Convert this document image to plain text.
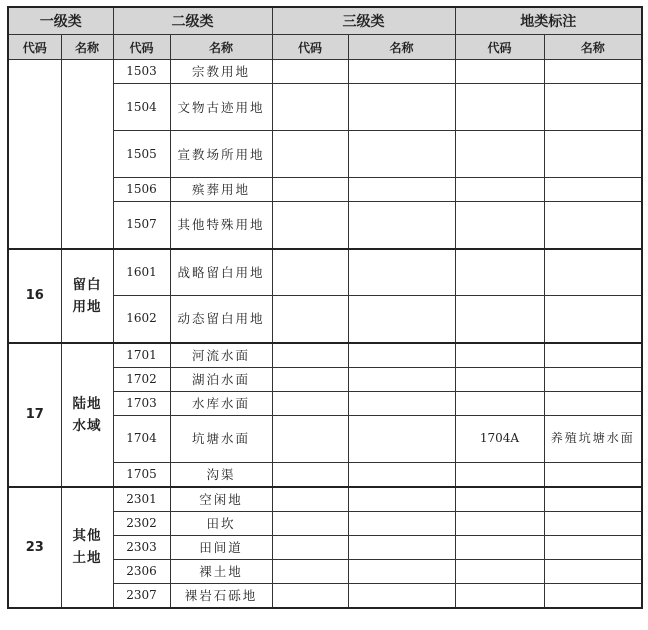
一级类		二级类		三级类		地类标注	
代码	名称	代码	名称	代码	名称	代码	名称
		1503	宗教用地				
		1504	文物古迹用地				
		1505	宣教场所用地				
		1506	殡葬用地				
		1507	其他特殊用地				
16	留白用地	1601	战略留白用地				
		1602	动态留白用地				
17	陆地水域	1701	河流水面				
		1702	湖泊水面				
		1703	水库水面				
		1704	坑塘水面			1704A	养殖坑塘水面
		1705	沟渠				
23	其他土地	2301	空闲地				
		2302	田坎				
		2303	田间道				
		2306	裸土地				
		2307	裸岩石砾地				
